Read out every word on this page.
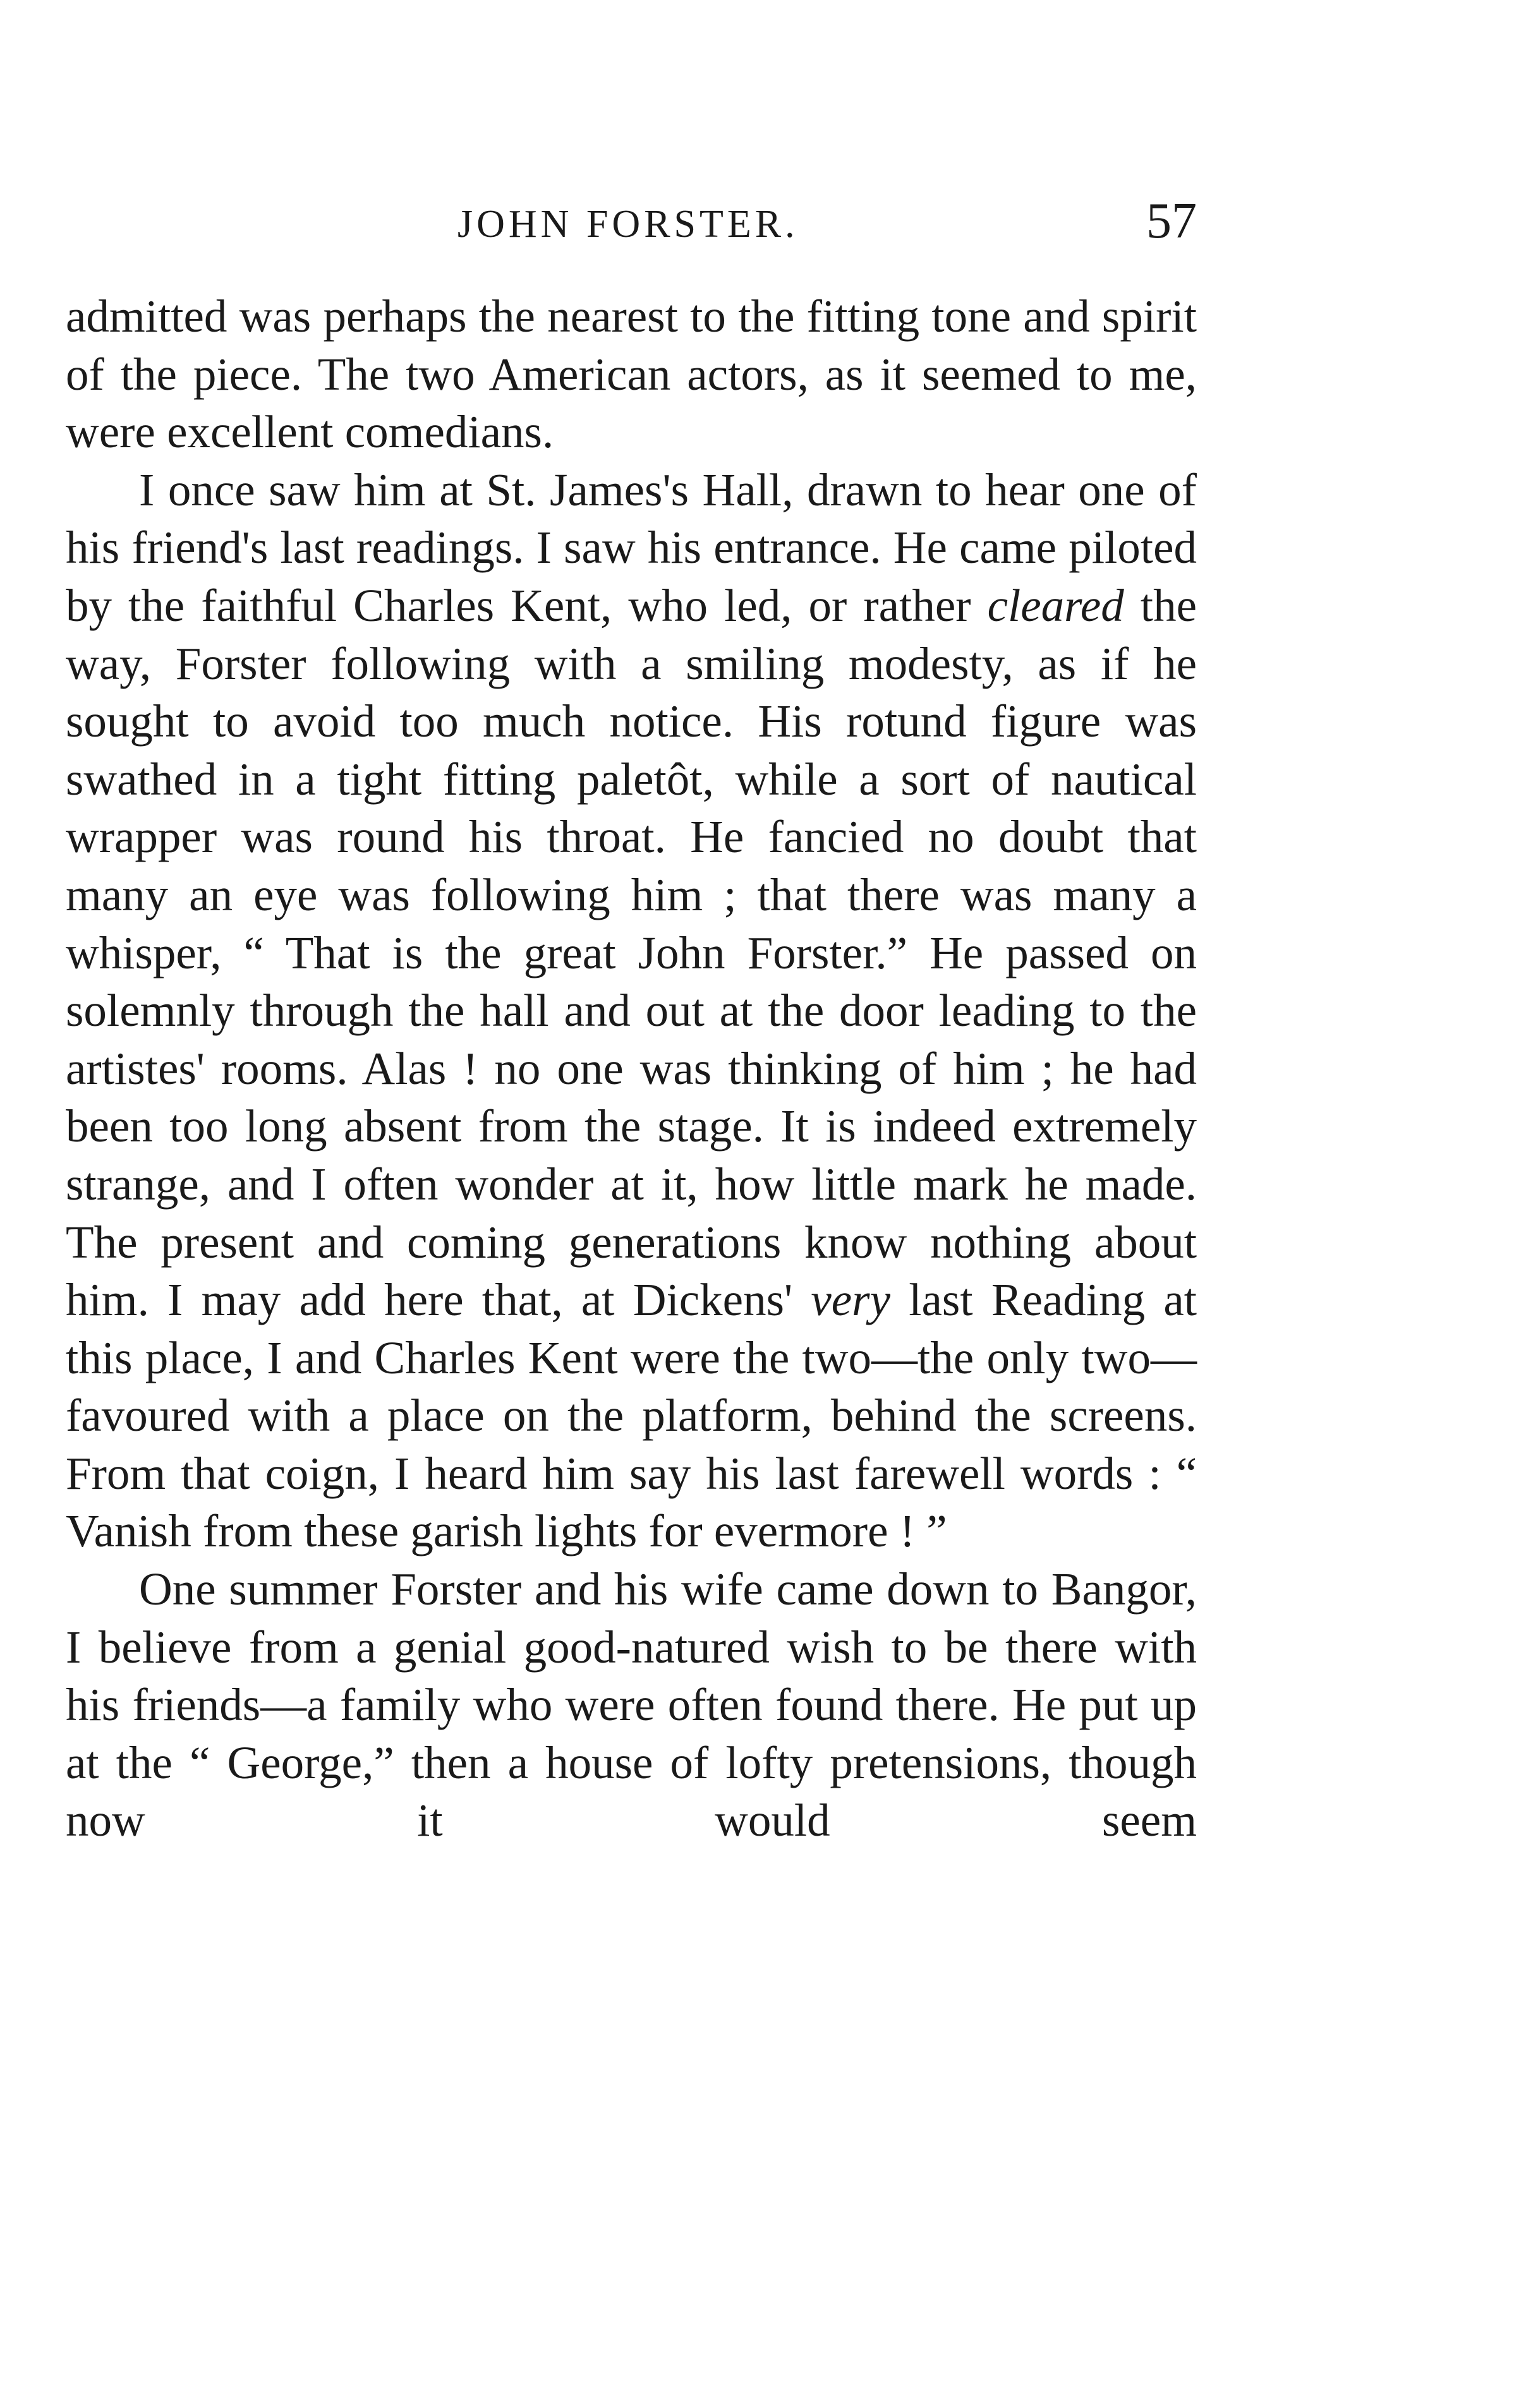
JOHN FORSTER.	57

admitted was perhaps the nearest to the fitting tone and spirit of the piece. The two American actors, as it seemed to me, were excellent comedians.

I once saw him at St. James's Hall, drawn to hear one of his friend's last readings. I saw his entrance. He came piloted by the faithful Charles Kent, who led, or rather cleared the way, Forster following with a smiling modesty, as if he sought to avoid too much notice. His rotund figure was swathed in a tight fitting paletôt, while a sort of nautical wrapper was round his throat. He fancied no doubt that many an eye was following him ; that there was many a whisper, “ That is the great John Forster.” He passed on solemnly through the hall and out at the door leading to the artistes' rooms. Alas ! no one was thinking of him ; he had been too long absent from the stage. It is indeed extremely strange, and I often wonder at it, how little mark he made. The present and coming generations know nothing about him. I may add here that, at Dickens' very last Reading at this place, I and Charles Kent were the two—the only two— favoured with a place on the platform, behind the screens. From that coign, I heard him say his last farewell words : “ Vanish from these garish lights for evermore ! ”

One summer Forster and his wife came down to Bangor, I believe from a genial good-natured wish to be there with his friends—a family who were often found there. He put up at the “ George,” then a house of lofty pretensions, though now it would seem
